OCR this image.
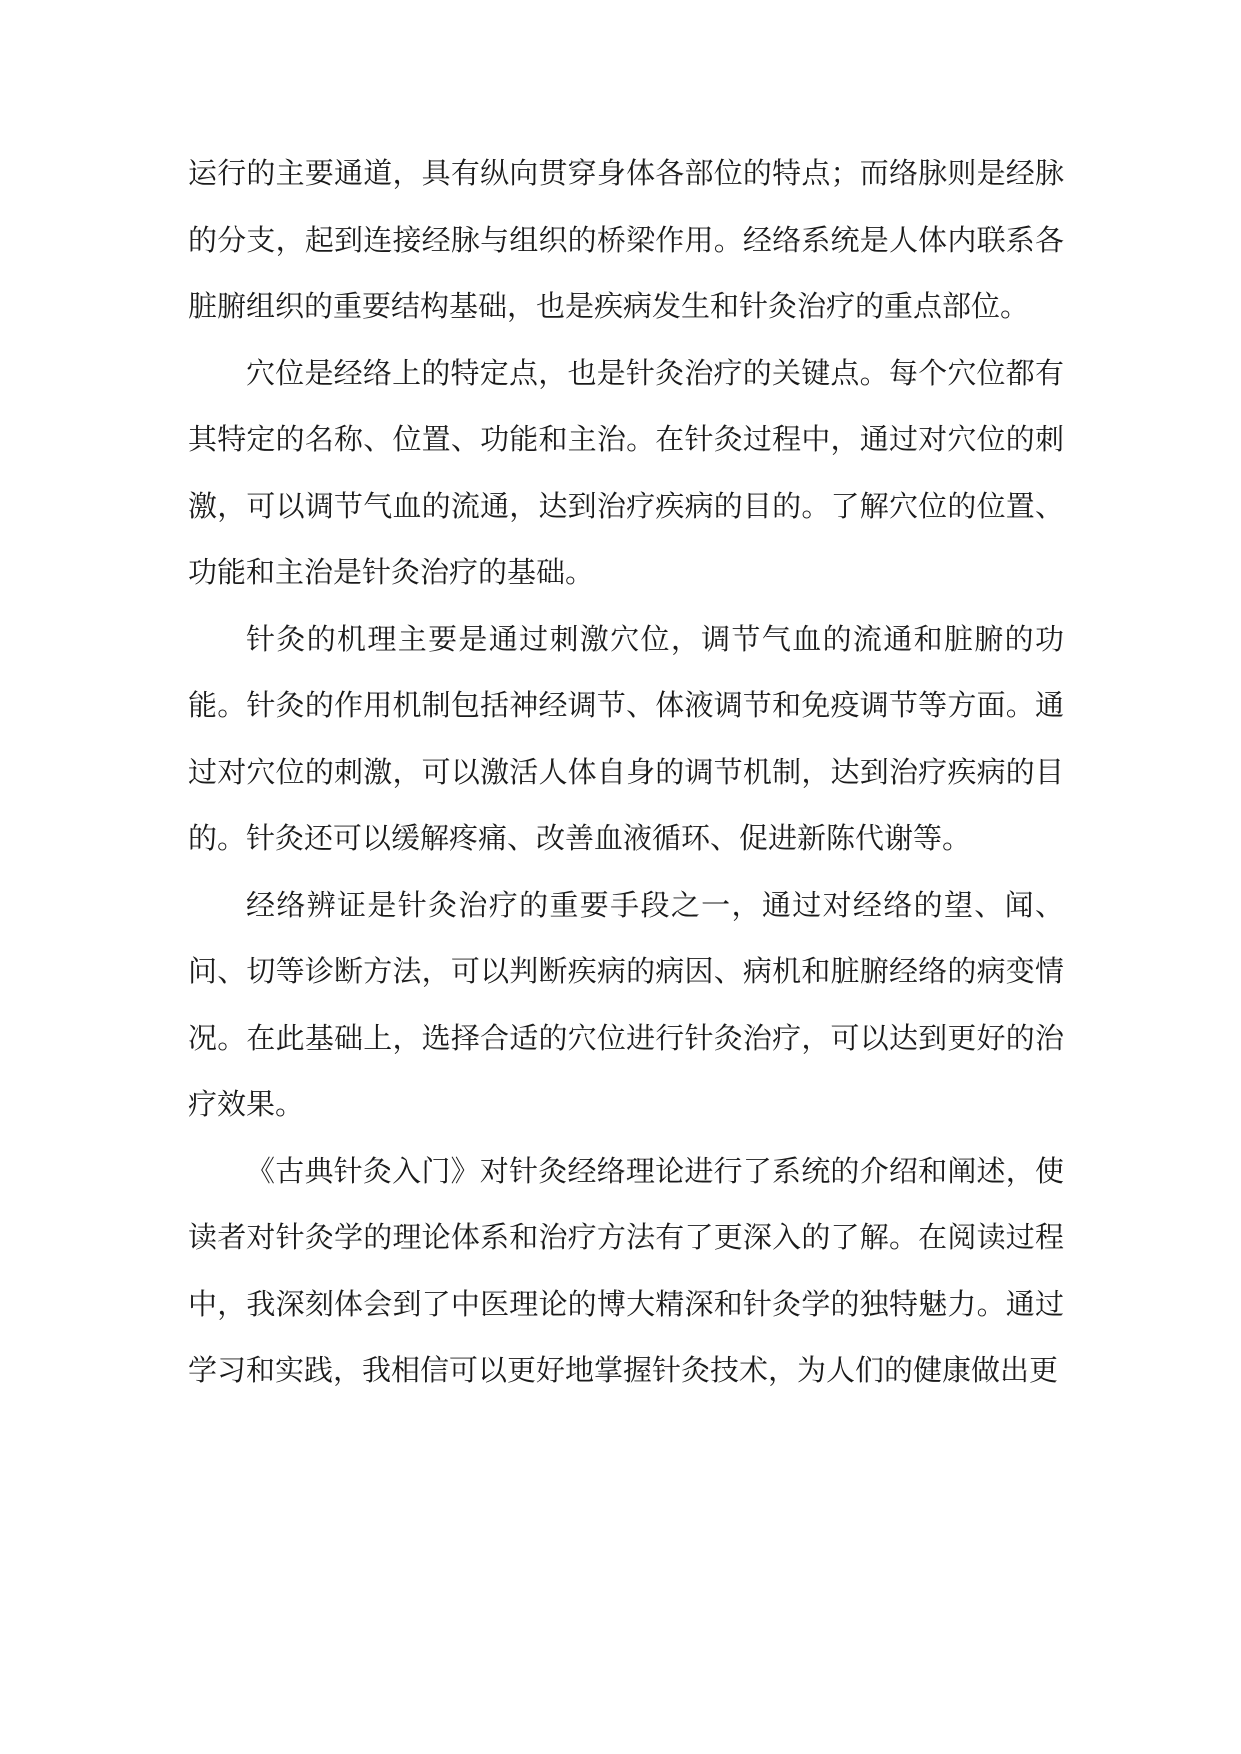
运行的主要通道，具有纵向贯穿身体各部位的特点；而络脉则是经脉的分支，起到连接经脉与组织的桥梁作用。经络系统是人体内联系各脏腑组织的重要结构基础，也是疾病发生和针灸治疗的重点部位。

穴位是经络上的特定点，也是针灸治疗的关键点。每个穴位都有其特定的名称、位置、功能和主治。在针灸过程中，通过对穴位的刺激，可以调节气血的流通，达到治疗疾病的目的。了解穴位的位置、功能和主治是针灸治疗的基础。

针灸的机理主要是通过刺激穴位，调节气血的流通和脏腑的功能。针灸的作用机制包括神经调节、体液调节和免疫调节等方面。通过对穴位的刺激，可以激活人体自身的调节机制，达到治疗疾病的目的。针灸还可以缓解疼痛、改善血液循环、促进新陈代谢等。

经络辨证是针灸治疗的重要手段之一，通过对经络的望、闻、问、切等诊断方法，可以判断疾病的病因、病机和脏腑经络的病变情况。在此基础上，选择合适的穴位进行针灸治疗，可以达到更好的治疗效果。

《古典针灸入门》对针灸经络理论进行了系统的介绍和阐述，使读者对针灸学的理论体系和治疗方法有了更深入的了解。在阅读过程中，我深刻体会到了中医理论的博大精深和针灸学的独特魅力。通过学习和实践，我相信可以更好地掌握针灸技术，为人们的健康做出更
